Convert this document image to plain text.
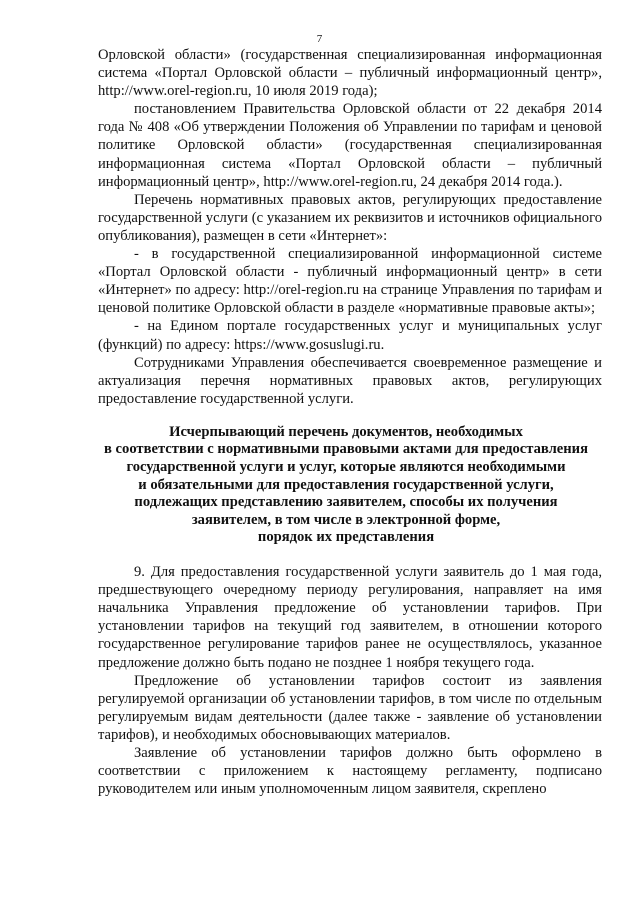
7

Орловской области» (государственная специализированная информационная система «Портал Орловской области – публичный информационный центр», http://www.orel-region.ru, 10 июля 2019 года);

постановлением Правительства Орловской области от 22 декабря 2014 года № 408 «Об утверждении Положения об Управлении по тарифам и ценовой политике Орловской области» (государственная специализированная информационная система «Портал Орловской области – публичный информационный центр», http://www.orel-region.ru, 24 декабря 2014 года.).

Перечень нормативных правовых актов, регулирующих предоставление государственной услуги (с указанием их реквизитов и источников официального опубликования), размещен в сети «Интернет»:

- в государственной специализированной информационной системе «Портал Орловской области - публичный информационный центр» в сети «Интернет» по адресу: http://orel-region.ru на странице Управления по тарифам и ценовой политике Орловской области в разделе «нормативные правовые акты»;

- на Едином портале государственных услуг и муниципальных услуг (функций) по адресу: https://www.gosuslugi.ru.

Сотрудниками Управления обеспечивается своевременное размещение и актуализация перечня нормативных правовых актов, регулирующих предоставление государственной услуги.

Исчерпывающий перечень документов, необходимых
в соответствии с нормативными правовыми актами для предоставления
государственной услуги и услуг, которые являются необходимыми
и обязательными для предоставления государственной услуги,
подлежащих представлению заявителем, способы их получения
заявителем, в том числе в электронной форме,
порядок их представления

9. Для предоставления государственной услуги заявитель до 1 мая года, предшествующего очередному периоду регулирования, направляет на имя начальника Управления предложение об установлении тарифов. При установлении тарифов на текущий год заявителем, в отношении которого государственное регулирование тарифов ранее не осуществлялось, указанное предложение должно быть подано не позднее 1 ноября текущего года.

Предложение об установлении тарифов состоит из заявления регулируемой организации об установлении тарифов, в том числе по отдельным регулируемым видам деятельности (далее также - заявление об установлении тарифов), и необходимых обосновывающих материалов.

Заявление об установлении тарифов должно быть оформлено в соответствии с приложением к настоящему регламенту, подписано руководителем или иным уполномоченным лицом заявителя, скреплено
